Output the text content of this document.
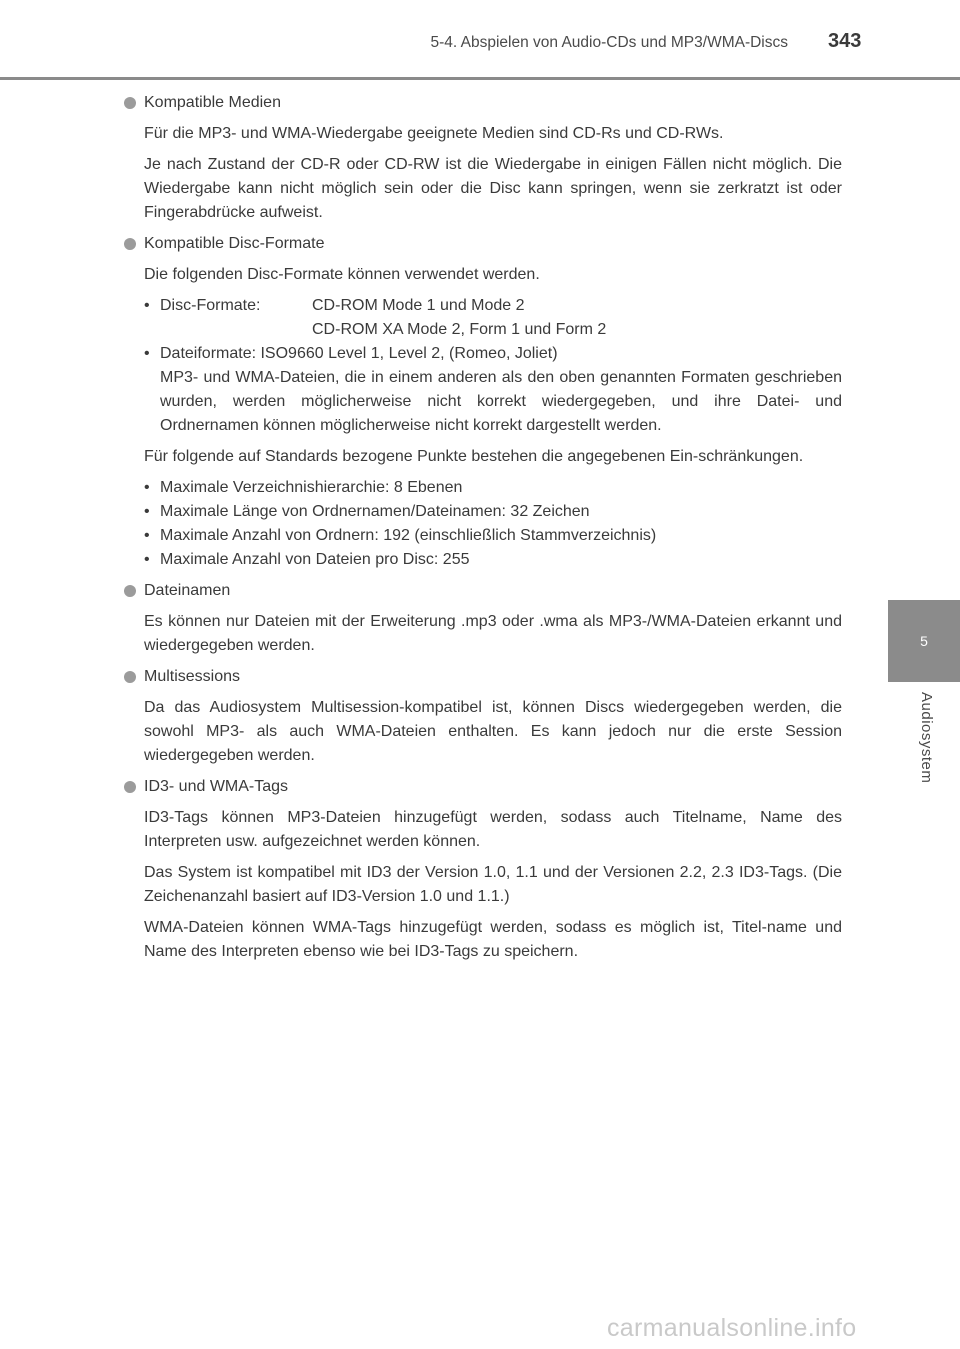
5-4. Abspielen von Audio-CDs und MP3/WMA-Discs 343
5
Audiosystem
Kompatible Medien
Für die MP3- und WMA-Wiedergabe geeignete Medien sind CD-Rs und CD-RWs.
Je nach Zustand der CD-R oder CD-RW ist die Wiedergabe in einigen Fällen nicht möglich. Die Wiedergabe kann nicht möglich sein oder die Disc kann springen, wenn sie zerkratzt ist oder Fingerabdrücke aufweist.
Kompatible Disc-Formate
Die folgenden Disc-Formate können verwendet werden.
• Disc-Formate:	CD-ROM Mode 1 und Mode 2
CD-ROM XA Mode 2, Form 1 und Form 2
• Dateiformate: ISO9660 Level 1, Level 2, (Romeo, Joliet)
MP3- und WMA-Dateien, die in einem anderen als den oben genannten Formaten geschrieben wurden, werden möglicherweise nicht korrekt wiedergegeben, und ihre Datei- und Ordnernamen können möglicherweise nicht korrekt dargestellt werden.
Für folgende auf Standards bezogene Punkte bestehen die angegebenen Ein-schränkungen.
• Maximale Verzeichnishierarchie: 8 Ebenen
• Maximale Länge von Ordnernamen/Dateinamen: 32 Zeichen
• Maximale Anzahl von Ordnern: 192 (einschließlich Stammverzeichnis)
• Maximale Anzahl von Dateien pro Disc: 255
Dateinamen
Es können nur Dateien mit der Erweiterung .mp3 oder .wma als MP3-/WMA-Dateien erkannt und wiedergegeben werden.
Multisessions
Da das Audiosystem Multisession-kompatibel ist, können Discs wiedergegeben werden, die sowohl MP3- als auch WMA-Dateien enthalten. Es kann jedoch nur die erste Session wiedergegeben werden.
ID3- und WMA-Tags
ID3-Tags können MP3-Dateien hinzugefügt werden, sodass auch Titelname, Name des Interpreten usw. aufgezeichnet werden können.
Das System ist kompatibel mit ID3 der Version 1.0, 1.1 und der Versionen 2.2, 2.3 ID3-Tags. (Die Zeichenanzahl basiert auf ID3-Version 1.0 und 1.1.)
WMA-Dateien können WMA-Tags hinzugefügt werden, sodass es möglich ist, Titel-name und Name des Interpreten ebenso wie bei ID3-Tags zu speichern.
carmanualsonline.info
